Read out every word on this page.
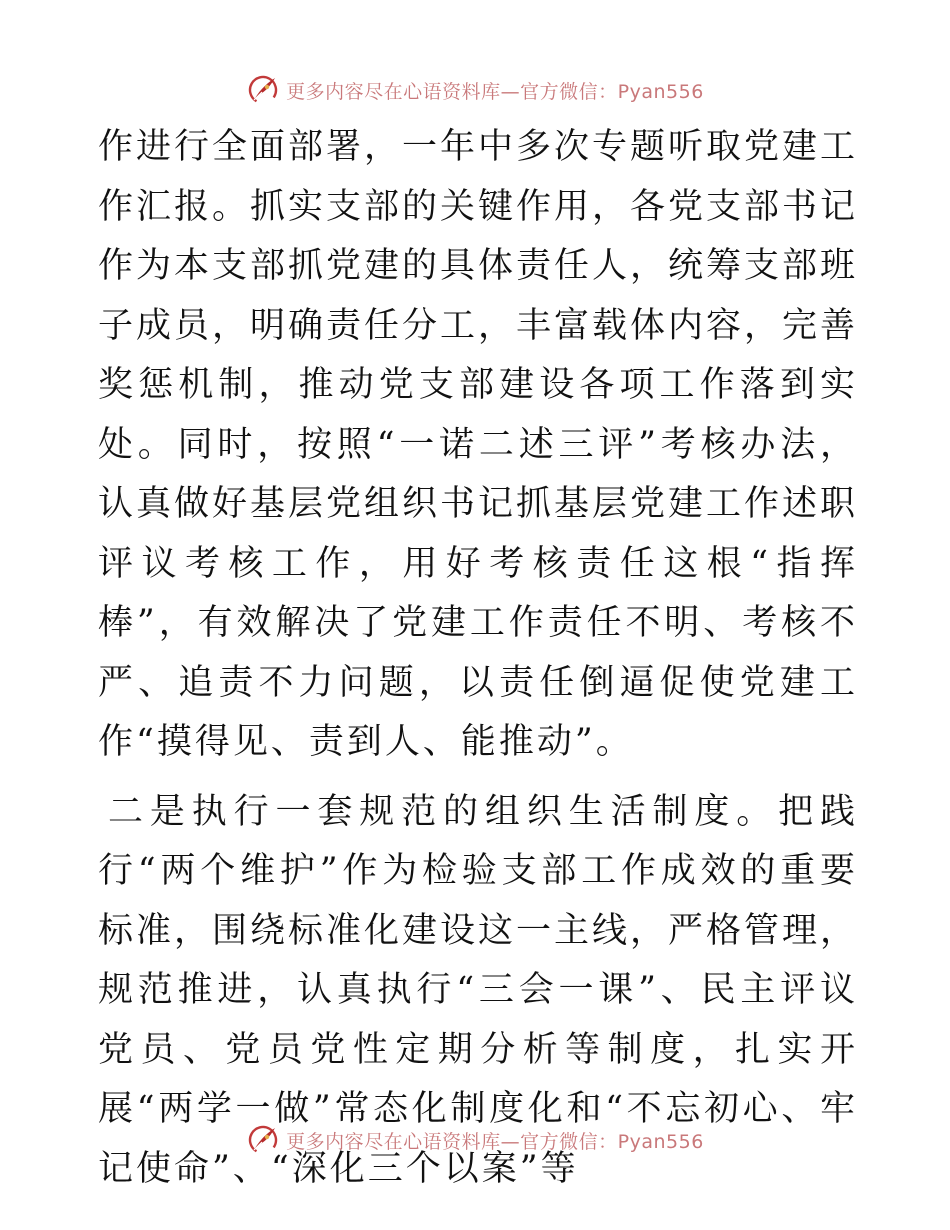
更多内容尽在心语资料库—官方微信：Pyan556

作进行全面部署，一年中多次专题听取党建工作汇报。抓实支部的关键作用，各党支部书记作为本支部抓党建的具体责任人，统筹支部班子成员，明确责任分工，丰富载体内容，完善奖惩机制，推动党支部建设各项工作落到实处。同时，按照“一诺二述三评”考核办法，认真做好基层党组织书记抓基层党建工作述职评议考核工作，用好考核责任这根“指挥棒”，有效解决了党建工作责任不明、考核不严、追责不力问题，以责任倒逼促使党建工作“摸得见、责到人、能推动”。

二是执行一套规范的组织生活制度。把践行“两个维护”作为检验支部工作成效的重要标准，围绕标准化建设这一主线，严格管理，规范推进，认真执行“三会一课”、民主评议党员、党员党性定期分析等制度，扎实开展“两学一做”常态化制度化和“不忘初心、牢记使命”、“深化三个以案”等

更多内容尽在心语资料库—官方微信：Pyan556
